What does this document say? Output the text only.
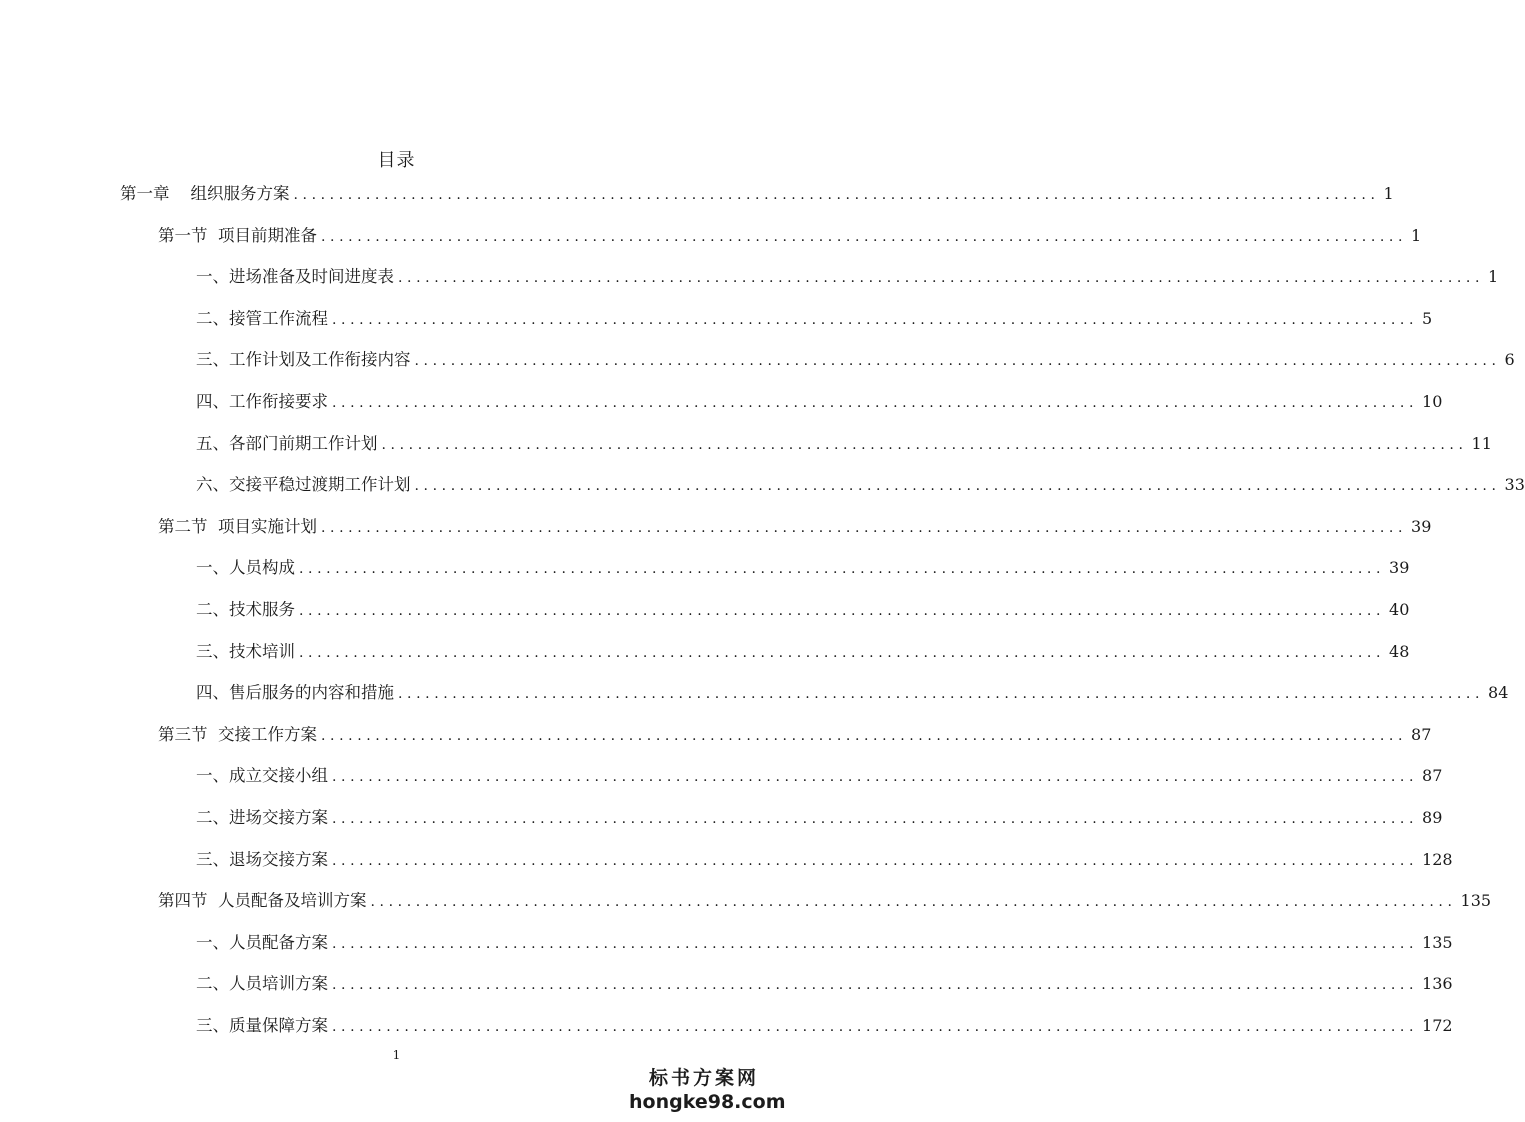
目录
第一章    组织服务方案 ........................................................................................................................ 1
第一节  项目前期准备 ........................................................................................................................ 1
一、进场准备及时间进度表 ........................................................................................................................ 1
二、接管工作流程 ........................................................................................................................ 5
三、工作计划及工作衔接内容 ........................................................................................................................ 6
四、工作衔接要求 ........................................................................................................................ 10
五、各部门前期工作计划 ........................................................................................................................ 11
六、交接平稳过渡期工作计划 ........................................................................................................................ 33
第二节  项目实施计划 ........................................................................................................................ 39
一、人员构成 ........................................................................................................................ 39
二、技术服务 ........................................................................................................................ 40
三、技术培训 ........................................................................................................................ 48
四、售后服务的内容和措施 ........................................................................................................................ 84
第三节  交接工作方案 ........................................................................................................................ 87
一、成立交接小组 ........................................................................................................................ 87
二、进场交接方案 ........................................................................................................................ 89
三、退场交接方案 ........................................................................................................................ 128
第四节  人员配备及培训方案 ........................................................................................................................ 135
一、人员配备方案 ........................................................................................................................ 135
二、人员培训方案 ........................................................................................................................ 136
三、质量保障方案 ........................................................................................................................ 172
1
标书方案网
hongke98.com
